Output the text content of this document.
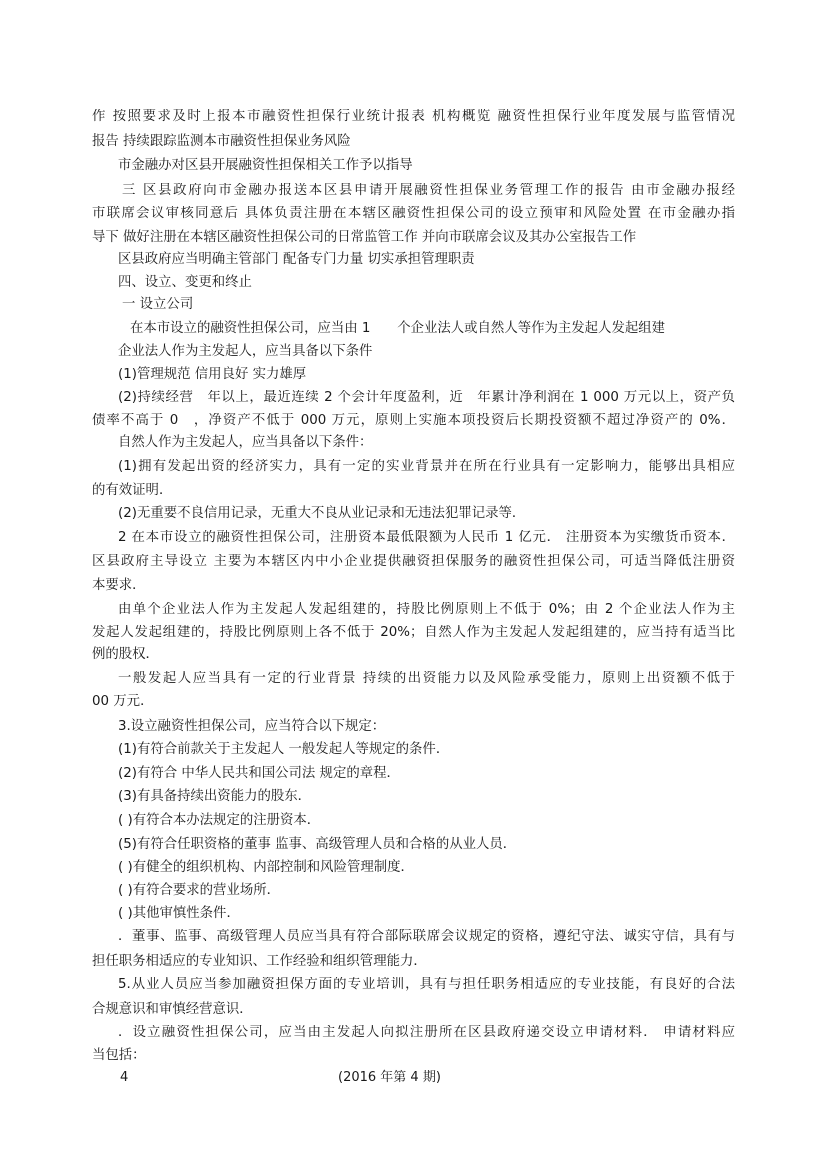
作 按照要求及时上报本市融资性担保行业统计报表 机构概览 融资性担保行业年度发展与监管情况
报告 持续跟踪监测本市融资性担保业务风险
市金融办对区县开展融资性担保相关工作予以指导
三 区县政府向市金融办报送本区县申请开展融资性担保业务管理工作的报告 由市金融办报经
市联席会议审核同意后 具体负责注册在本辖区融资性担保公司的设立预审和风险处置 在市金融办指
导下 做好注册在本辖区融资性担保公司的日常监管工作 并向市联席会议及其办公室报告工作
区县政府应当明确主管部门 配备专门力量 切实承担管理职责
四、设立、变更和终止
一 设立公司
在本市设立的融资性担保公司，应当由 1　　个企业法人或自然人等作为主发起人发起组建
企业法人作为主发起人，应当具备以下条件
(1)管理规范 信用良好 实力雄厚
(2)持续经营　年以上，最近连续 2 个会计年度盈利，近　年累计净利润在 1 000 万元以上，资产负
债率不高于 0　，净资产不低于 000 万元，原则上实施本项投资后长期投资额不超过净资产的 0%．
自然人作为主发起人，应当具备以下条件：
(1)拥有发起出资的经济实力，具有一定的实业背景并在所在行业具有一定影响力，能够出具相应
的有效证明．
(2)无重要不良信用记录，无重大不良从业记录和无违法犯罪记录等．
2 在本市设立的融资性担保公司，注册资本最低限额为人民币 1 亿元． 注册资本为实缴货币资本．
区县政府主导设立 主要为本辖区内中小企业提供融资担保服务的融资性担保公司，可适当降低注册资
本要求．
由单个企业法人作为主发起人发起组建的，持股比例原则上不低于 0%；由 2 个企业法人作为主
发起人发起组建的，持股比例原则上各不低于 20%；自然人作为主发起人发起组建的，应当持有适当比
例的股权．
一般发起人应当具有一定的行业背景 持续的出资能力以及风险承受能力，原则上出资额不低于
00 万元．
3.设立融资性担保公司，应当符合以下规定：
(1)有符合前款关于主发起人 一般发起人等规定的条件．
(2)有符合 中华人民共和国公司法 规定的章程．
(3)有具备持续出资能力的股东．
( )有符合本办法规定的注册资本．
(5)有符合任职资格的董事 监事、高级管理人员和合格的从业人员．
( )有健全的组织机构、内部控制和风险管理制度．
( )有符合要求的营业场所．
( )其他审慎性条件．
．董事、监事、高级管理人员应当具有符合部际联席会议规定的资格，遵纪守法、诚实守信，具有与
担任职务相适应的专业知识、工作经验和组织管理能力．
5.从业人员应当参加融资担保方面的专业培训，具有与担任职务相适应的专业技能，有良好的合法
合规意识和审慎经营意识．
．设立融资性担保公司，应当由主发起人向拟注册所在区县政府递交设立申请材料． 申请材料应
当包括：
4	(2016 年第 4 期)
